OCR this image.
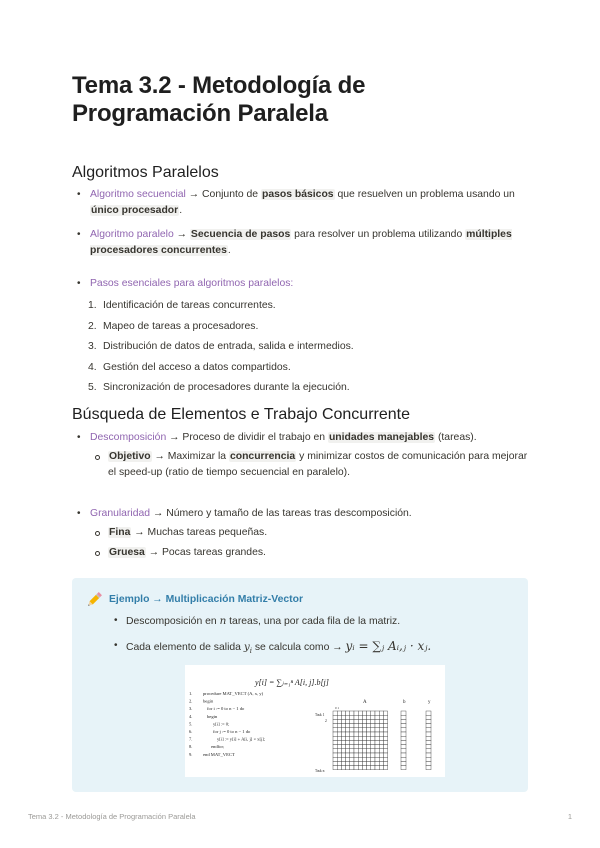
Tema 3.2 - Metodología de Programación Paralela
Algoritmos Paralelos
• Algoritmo secuencial → Conjunto de pasos básicos que resuelven un problema usando un único procesador.
• Algoritmo paralelo → Secuencia de pasos para resolver un problema utilizando múltiples procesadores concurrentes.
• Pasos esenciales para algoritmos paralelos:
1. Identificación de tareas concurrentes.
2. Mapeo de tareas a procesadores.
3. Distribución de datos de entrada, salida e intermedios.
4. Gestión del acceso a datos compartidos.
5. Sincronización de procesadores durante la ejecución.
Búsqueda de Elementos e Trabajo Concurrente
• Descomposición → Proceso de dividir el trabajo en unidades manejables (tareas).
Objetivo → Maximizar la concurrencia y minimizar costos de comunicación para mejorar el speed-up (ratio de tiempo secuencial en paralelo).
• Granularidad → Número y tamaño de las tareas tras descomposición.
Fina → Muchas tareas pequeñas.
Gruesa → Pocas tareas grandes.
Ejemplo → Multiplicación Matriz-Vector
• Descomposición en n tareas, una por cada fila de la matriz.
• Cada elemento de salida $y_i$ se calcula como → yᵢ = ∑ⱼ Aᵢ,ⱼ · xⱼ.
y[i] = ∑ⱼ₌₁ⁿ A[i, j].b[j]
1. procedure MAT_VECT (A, x, y)
2. begin
3.	for i := 0 to n − 1 do
4.	begin
5.	y[i] := 0;
6.	for j := 0 to n − 1 do
7.	y[i] := y[i] + A[i, j] × x[j];
8.	endfor;
9. end MAT_VECT
A	b	y
0 1
Task 1
2
Task n
Tema 3.2 - Metodología de Programación Paralela	1
